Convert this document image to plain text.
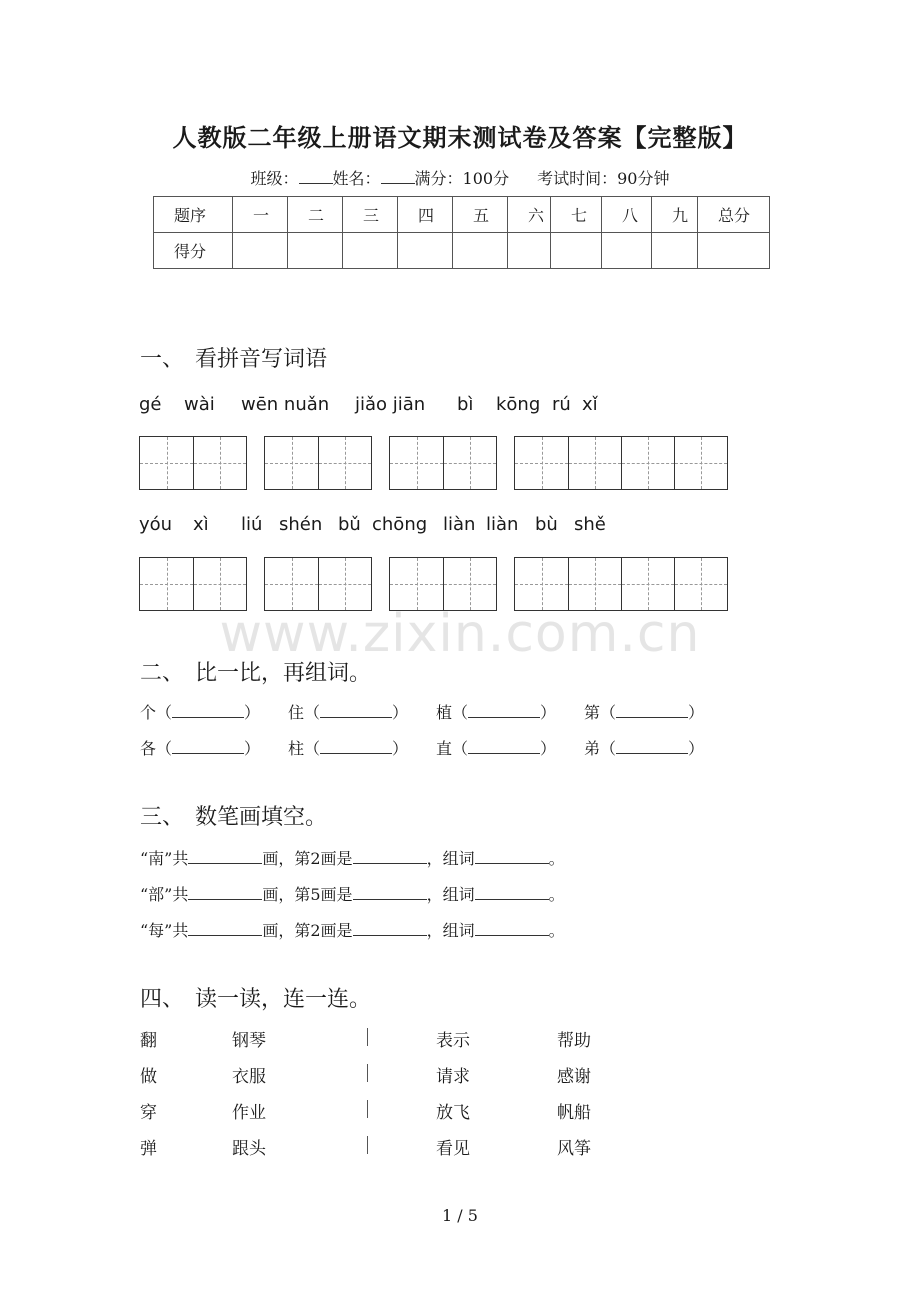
人教版二年级上册语文期末测试卷及答案【完整版】
班级： 姓名： 满分：100分 考试时间：90分钟
题序	一	二	三	四	五	六	七	八	九	总分
得分										
一、　看拼音写词语
gé wài wēn nuǎn jiǎo jiān bì kōng rú xǐ
yóu xì liú shén bǔ chōng liàn liàn bù shě
www.zixin.com.cn
二、　比一比，再组词。
个（	） 住（	） 植（	） 第（	）
各（	） 柱（	） 直（	） 弟（	）
三、　数笔画填空。
“南”共	画，第2画是	，组词	。
“部”共	画，第5画是	，组词	。
“每”共	画，第2画是	，组词	。
四、　读一读，连一连。
翻	钢琴	表示	帮助
做	衣服	请求	感谢
穿	作业	放飞	帆船
弹	跟头	看见	风筝
1 / 5
